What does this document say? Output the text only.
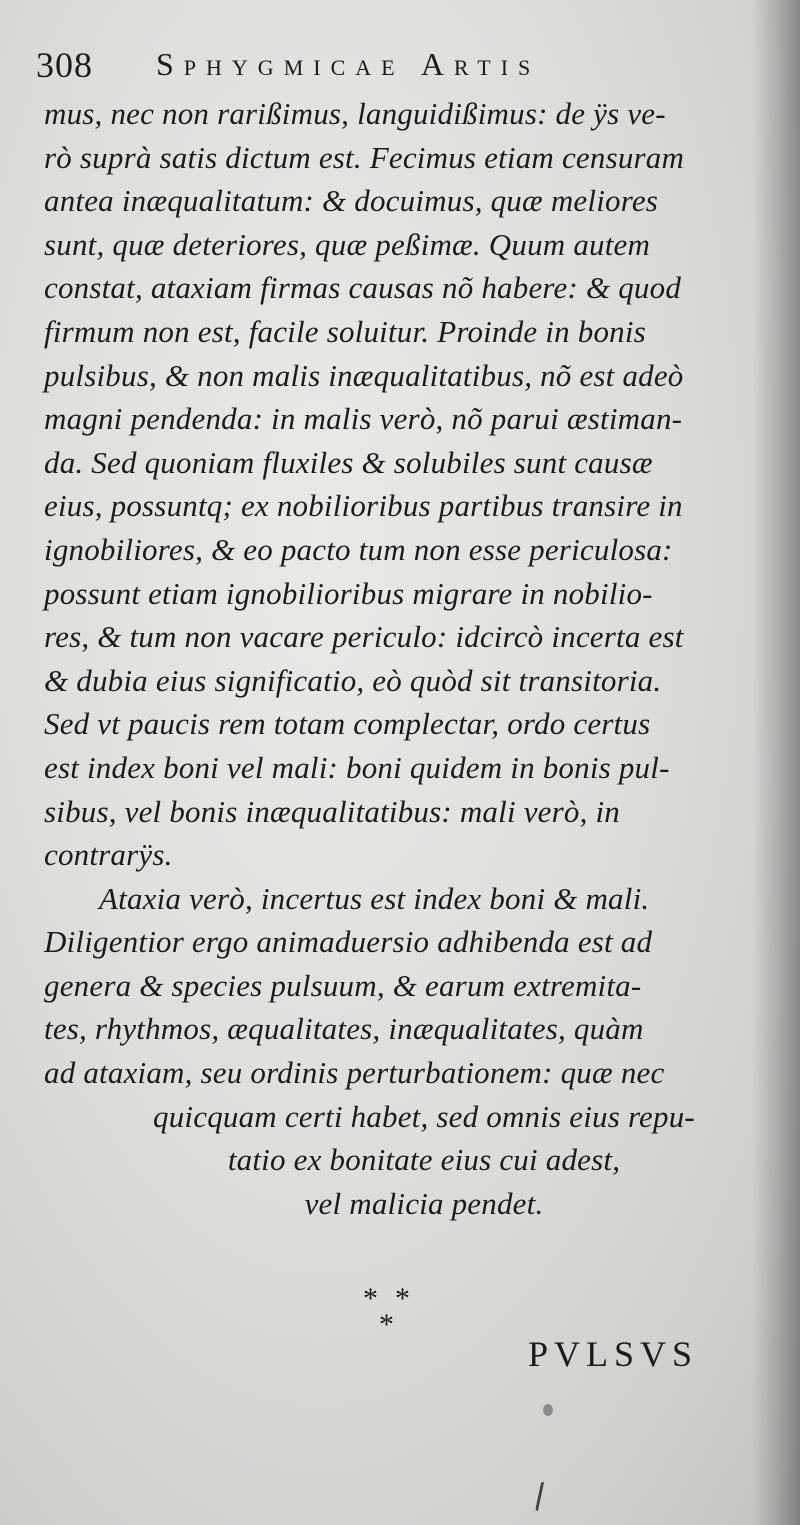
308 Sphygmicae Artis
mus, nec non rarißimus, languidißimus: de ÿs ve-
rò suprà satis dictum est. Fecimus etiam censuram
antea inæqualitatum: & docuimus, quæ meliores
sunt, quæ deteriores, quæ peßimæ. Quum autem
constat, ataxiam firmas causas nõ habere: & quod
firmum non est, facile soluitur. Proinde in bonis
pulsibus, & non malis inæqualitatibus, nõ est adeò
magni pendenda: in malis verò, nõ parui æstiman-
da. Sed quoniam fluxiles & solubiles sunt causæ
eius, possuntq; ex nobilioribus partibus transire in
ignobiliores, & eo pacto tum non esse periculosa:
possunt etiam ignobilioribus migrare in nobilio-
res, & tum non vacare periculo: idcircò incerta est
& dubia eius significatio, eò quòd sit transitoria.
Sed vt paucis rem totam complectar, ordo certus
est index boni vel mali: boni quidem in bonis pul-
sibus, vel bonis inæqualitatibus: mali verò, in
contrarÿs.
Ataxia verò, incertus est index boni & mali.
Diligentior ergo animaduersio adhibenda est ad
genera & species pulsuum, & earum extremita-
tes, rhythmos, æqualitates, inæqualitates, quàm
ad ataxiam, seu ordinis perturbationem: quæ nec
quicquam certi habet, sed omnis eius repu-
tatio ex bonitate eius cui adest,
vel malicia pendet.
* *
*
PVLSVS
